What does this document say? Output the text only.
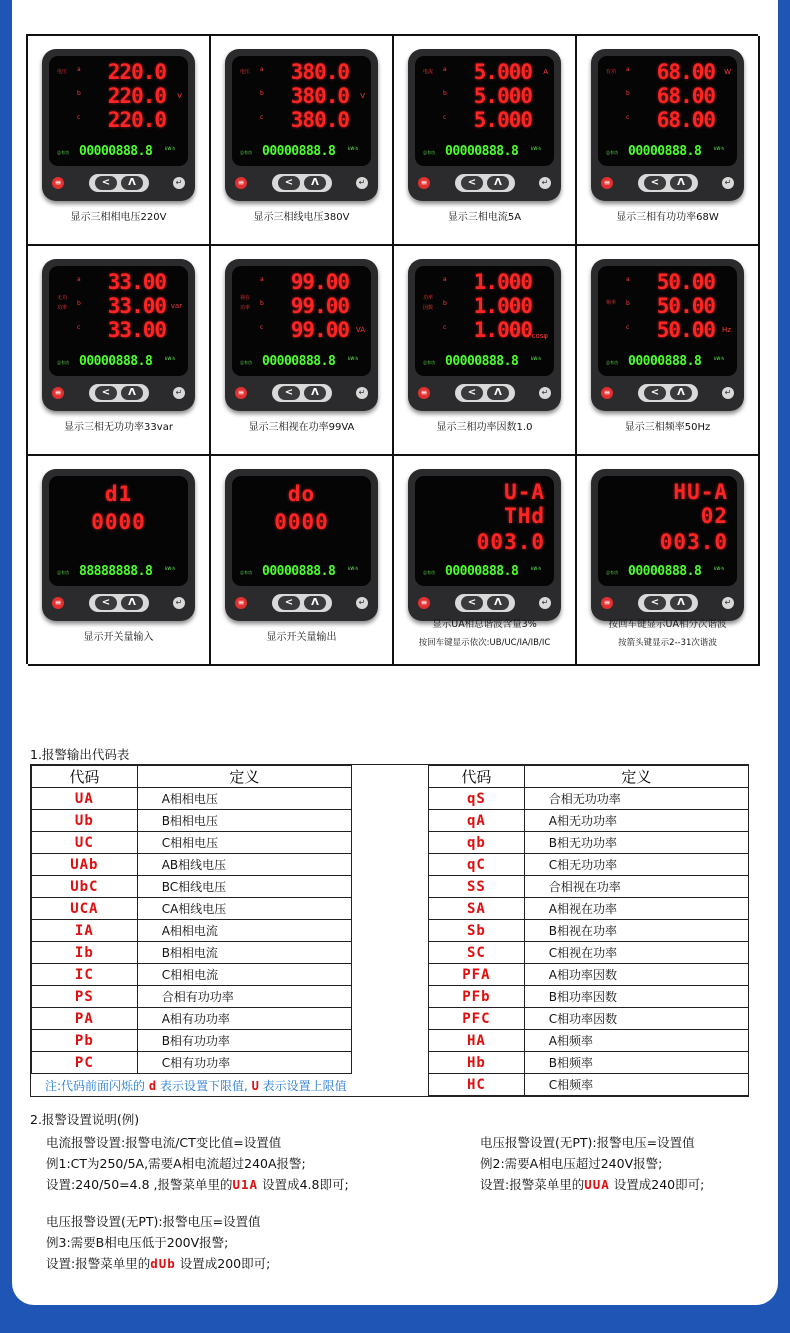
电压 a
b
c
220.0
220.0 V
220.0
总有功 00000888.8	kW·h
≡	<	Λ	↵
显示三相相电压220V
电压 a
b
c
380.0
380.0 V
380.0
总有功 00000888.8	kW·h
≡	<	Λ	↵
显示三相线电压380V
电流 a
b
c
5.000 A
5.000
5.000
总有功 00000888.8	kW·h
≡	<	Λ	↵
显示三相电流5A
有功 a
b
c
68.00 W
68.00
68.00
总有功 00000888.8	kW·h
≡	<	Λ	↵
显示三相有功功率68W
无功
功率
a
b
c
33.00
33.00 var
33.00
总有功 00000888.8	kW·h
≡	<	Λ	↵
显示三相无功功率33var
视在
功率
a
b
c
99.00
99.00
99.00 VA
总有功 00000888.8	kW·h
≡	<	Λ	↵
显示三相视在功率99VA
功率
因数
a
b
c
1.000
1.000
1.000 cosφ
总有功 00000888.8	kW·h
≡	<	Λ	↵
显示三相功率因数1.0
频率
a
b
c
50.00
50.00
50.00 Hz
总有功 00000888.8	kW·h
≡	<	Λ	↵
显示三相频率50Hz
d1
0000
总有功 88888888.8	kW·h
≡	<	Λ	↵
显示开关量输入
do
0000
总有功 00000888.8	kW·h
≡	<	Λ	↵
显示开关量输出
U-A
THd
003.0
总有功 00000888.8	kW·h
≡	<	Λ	↵
显示UA相总谐波含量3%
按回车键显示依次:UB/UC/IA/IB/IC
HU-A
02
003.0
总有功 00000888.8	kW·h
≡	<	Λ	↵
按回车键显示UA相分次谐波
按箭头键显示2--31次谐波
1.报警输出代码表
代码	定义
UA	A相相电压
Ub	B相相电压
UC	C相相电压
UAb	AB相线电压
UbC	BC相线电压
UCA	CA相线电压
IA	A相相电流
Ib	B相相电流
IC	C相相电流
PS	合相有功功率
PA	A相有功功率
Pb	B相有功功率
PC	C相有功功率
代码	定义
qS	合相无功功率
qA	A相无功功率
qb	B相无功功率
qC	C相无功功率
SS	合相视在功率
SA	A相视在功率
Sb	B相视在功率
SC	C相视在功率
PFA	A相功率因数
PFb	B相功率因数
PFC	C相功率因数
HA	A相频率
Hb	B相频率
HC	C相频率
注:代码前面闪烁的 d 表示设置下限值, U 表示设置上限值
2.报警设置说明(例)
电流报警设置:报警电流/CT变比值=设置值
例1:CT为250/5A,需要A相电流超过240A报警;
设置:240/50=4.8 ,报警菜单里的U1A 设置成4.8即可;
电压报警设置(无PT):报警电压=设置值
例2:需要A相电压超过240V报警;
设置:报警菜单里的UUA 设置成240即可;
电压报警设置(无PT):报警电压=设置值
例3:需要B相电压低于200V报警;
设置:报警菜单里的dUb 设置成200即可;
